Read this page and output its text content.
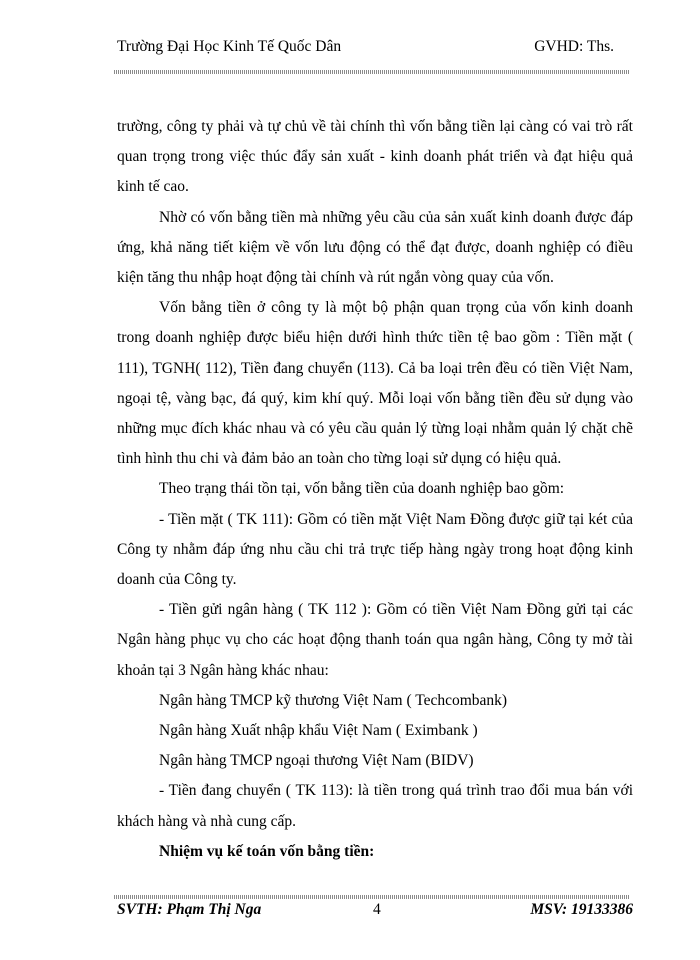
Trường Đại Học Kinh Tế Quốc Dân	GVHD: Ths.

trường, công ty phải và tự chủ về tài chính thì vốn bằng tiền lại càng có vai trò rất quan trọng trong việc thúc đẩy sản xuất - kinh doanh phát triển và đạt hiệu quả kinh tế cao.

Nhờ có vốn bằng tiền mà những yêu cầu của sản xuất kinh doanh được đáp ứng, khả năng tiết kiệm về vốn lưu động có thể đạt được, doanh nghiệp có điều kiện tăng thu nhập hoạt động tài chính và rút ngắn vòng quay của vốn.

Vốn bằng tiền ở công ty là một bộ phận quan trọng của vốn kinh doanh trong doanh nghiệp được biểu hiện dưới hình thức tiền tệ bao gồm : Tiền mặt ( 111), TGNH( 112), Tiền đang chuyển (113). Cả ba loại trên đều có tiền Việt Nam, ngoại tệ, vàng bạc, đá quý, kim khí quý. Mỗi loại vốn bằng tiền đều sử dụng vào những mục đích khác nhau và có yêu cầu quản lý từng loại nhằm quản lý chặt chẽ tình hình thu chi và đảm bảo an toàn cho từng loại sử dụng có hiệu quả.

Theo trạng thái tồn tại, vốn bằng tiền của doanh nghiệp bao gồm:

- Tiền mặt ( TK 111): Gồm có tiền mặt Việt Nam Đồng được giữ tại két của Công ty nhằm đáp ứng nhu cầu chi trả trực tiếp hàng ngày trong hoạt động kinh doanh của Công ty.

- Tiền gửi ngân hàng ( TK 112 ): Gồm có tiền Việt Nam Đồng gửi tại các Ngân hàng phục vụ cho các hoạt động thanh toán qua ngân hàng, Công ty mở tài khoản tại 3 Ngân hàng khác nhau:

Ngân hàng TMCP kỹ thương Việt Nam ( Techcombank)

Ngân hàng Xuất nhập khẩu Việt Nam ( Eximbank )

Ngân hàng TMCP ngoại thương Việt Nam (BIDV)

- Tiền đang chuyển ( TK 113): là tiền trong quá trình trao đổi mua bán với khách hàng và nhà cung cấp.

Nhiệm vụ kế toán vốn bằng tiền:

SVTH: Phạm Thị Nga	4	MSV: 19133386
